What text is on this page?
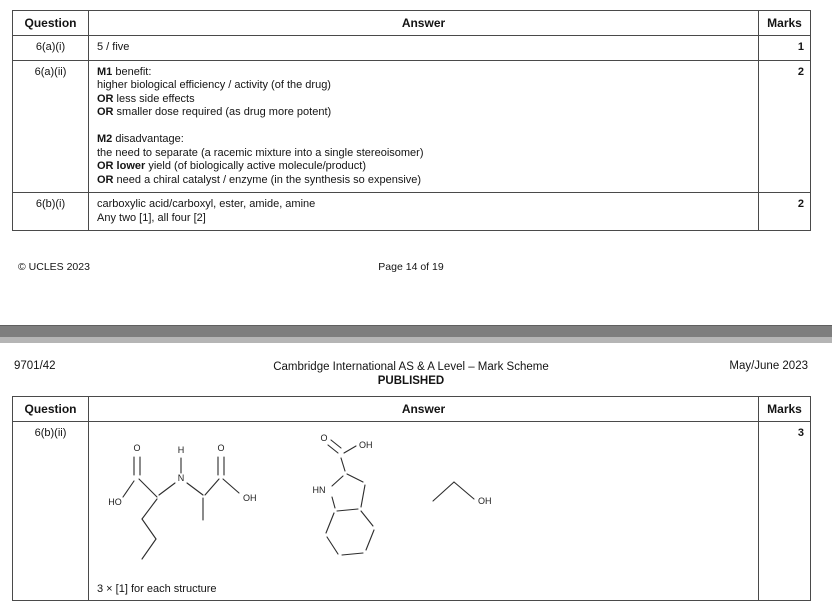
Question	Answer	Marks
6(a)(i)	5 / five	1
6(a)(ii)	M1 benefit:
higher biological efficiency / activity (of the drug)
OR less side effects
OR smaller dose required (as drug more potent)

M2 disadvantage:
the need to separate (a racemic mixture into a single stereoisomer)
OR lower yield (of biologically active molecule/product)
OR need a chiral catalyst / enzyme (in the synthesis so expensive)
	2
6(b)(i)	carboxylic acid/carboxyl, ester, amide, amine
Any two [1], all four [2]	2
© UCLES 2023	Page 14 of 19
9701/42	Cambridge International AS & A Level – Mark Scheme
PUBLISHED
May/June 2023
Question	Answer	Marks
6(b)(ii)	
O
HO
H
N
O
OH
O
OH
HN
OH
3 × [1] for each structure
	3
